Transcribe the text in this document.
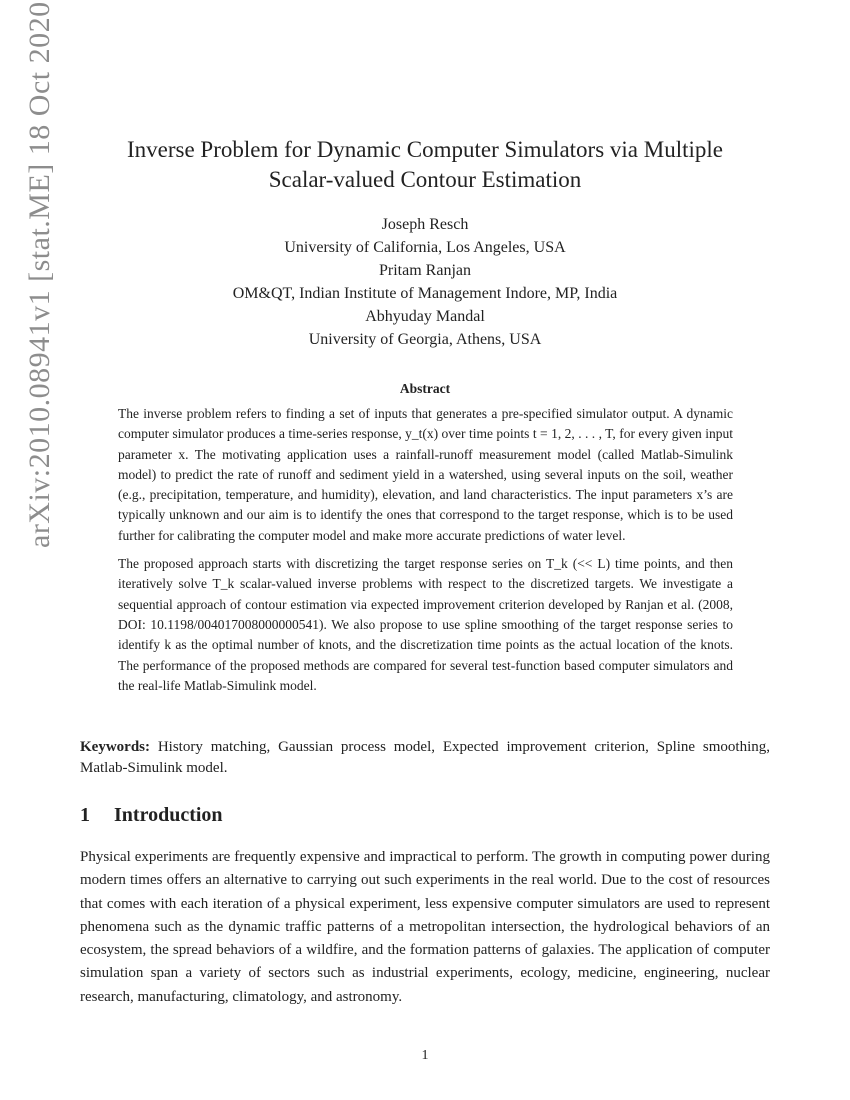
arXiv:2010.08941v1 [stat.ME] 18 Oct 2020	Inverse Problem for Dynamic Computer Simulators via Multiple Scalar-valued Contour Estimation
Joseph Resch
University of California, Los Angeles, USA
Pritam Ranjan
OM&QT, Indian Institute of Management Indore, MP, India
Abhyuday Mandal
University of Georgia, Athens, USA
Abstract

The inverse problem refers to finding a set of inputs that generates a pre-specified simulator output. A dynamic computer simulator produces a time-series response, y_t(x) over time points t = 1, 2, . . . , T, for every given input parameter x. The motivating application uses a rainfall-runoff measurement model (called Matlab-Simulink model) to predict the rate of runoff and sediment yield in a watershed, using several inputs on the soil, weather (e.g., precipitation, temperature, and humidity), elevation, and land characteristics. The input parameters x’s are typically unknown and our aim is to identify the ones that correspond to the target response, which is to be used further for calibrating the computer model and make more accurate predictions of water level.

The proposed approach starts with discretizing the target response series on T_k (<< L) time points, and then iteratively solve T_k scalar-valued inverse problems with respect to the discretized targets. We investigate a sequential approach of contour estimation via expected improvement criterion developed by Ranjan et al. (2008, DOI: 10.1198/004017008000000541). We also propose to use spline smoothing of the target response series to identify k as the optimal number of knots, and the discretization time points as the actual location of the knots. The performance of the proposed methods are compared for several test-function based computer simulators and the real-life Matlab-Simulink model.

Keywords: History matching, Gaussian process model, Expected improvement criterion, Spline smoothing, Matlab-Simulink model.
1 Introduction

Physical experiments are frequently expensive and impractical to perform. The growth in computing power during modern times offers an alternative to carrying out such experiments in the real world. Due to the cost of resources that comes with each iteration of a physical experiment, less expensive computer simulators are used to represent phenomena such as the dynamic traffic patterns of a metropolitan intersection, the hydrological behaviors of an ecosystem, the spread behaviors of a wildfire, and the formation patterns of galaxies. The application of computer simulation span a variety of sectors such as industrial experiments, ecology, medicine, engineering, nuclear research, manufacturing, climatology, and astronomy.

1
